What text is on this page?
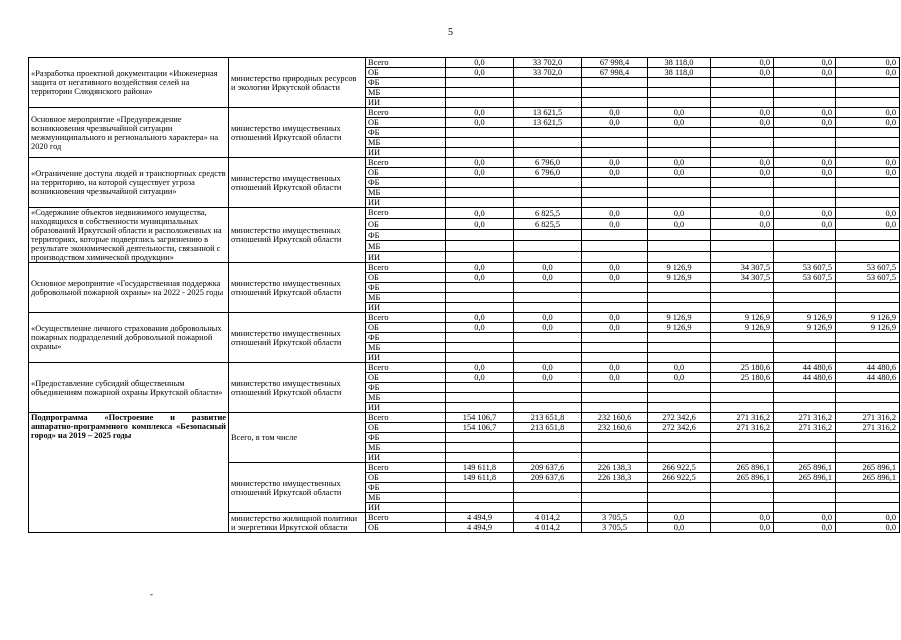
5
«Разработка проектной документации «Инженерная защита от негативного воздействия селей на территории Слюдянского района»	министерство природных ресурсов и экологии Иркутской области	Всего	0,0	33 702,0	67 998,4	38 118,0	0,0	0,0	0,0
		ОБ	0,0	33 702,0	67 998,4	38 118,0	0,0	0,0	0,0
		ФБ							
		МБ							
		ИИ							
Основное мероприятие «Предупреждение возникновения чрезвычайной ситуации межмуниципального и регионального характера» на 2020 год	министерство имущественных отношений Иркутской области	Всего	0,0	13 621,5	0,0	0,0	0,0	0,0	0,0
		ОБ	0,0	13 621,5	0,0	0,0	0,0	0,0	0,0
		ФБ							
		МБ							
		ИИ							
«Ограничение доступа людей и транспортных средств на территорию, на которой существует угроза возникновения чрезвычайной ситуации»	министерство имущественных отношений Иркутской области	Всего	0,0	6 796,0	0,0	0,0	0,0	0,0	0,0
		ОБ	0,0	6 796,0	0,0	0,0	0,0	0,0	0,0
		ФБ							
		МБ							
		ИИ							
«Содержание объектов недвижимого имущества, находящихся в собственности муниципальных образований Иркутской области и расположенных на территориях, которые подверглись загрязнению в результате экономической деятельности, связанной с производством химической продукции»	министерство имущественных отношений Иркутской области	Всего	0,0	6 825,5	0,0	0,0	0,0	0,0	0,0
		ОБ	0,0	6 825,5	0,0	0,0	0,0	0,0	0,0
		ФБ							
		МБ							
		ИИ							
Основное мероприятие «Государственная поддержка добровольной пожарной охраны» на 2022 - 2025 годы	министерство имущественных отношений Иркутской области	Всего	0,0	0,0	0,0	9 126,9	34 307,5	53 607,5	53 607,5
		ОБ	0,0	0,0	0,0	9 126,9	34 307,5	53 607,5	53 607,5
		ФБ							
		МБ							
		ИИ							
«Осуществление личного страхования добровольных пожарных подразделений добровольной пожарной охраны»	министерство имущественных отношений Иркутской области	Всего	0,0	0,0	0,0	9 126,9	9 126,9	9 126,9	9 126,9
		ОБ	0,0	0,0	0,0	9 126,9	9 126,9	9 126,9	9 126,9
		ФБ							
		МБ							
		ИИ							
«Предоставление субсидий общественным объединениям пожарной охраны Иркутской области»	министерство имущественных отношений Иркутской области	Всего	0,0	0,0	0,0	0,0	25 180,6	44 480,6	44 480,6
		ОБ	0,0	0,0	0,0	0,0	25 180,6	44 480,6	44 480,6
		ФБ							
		МБ							
		ИИ							
Подпрограмма «Построение и развитие аппаратно-программного комплекса «Безопасный город» на 2019 – 2025 годы	Всего, в том числе	Всего	154 106,7	213 651,8	232 160,6	272 342,6	271 316,2	271 316,2	271 316,2
		ОБ	154 106,7	213 651,8	232 160,6	272 342,6	271 316,2	271 316,2	271 316,2
		ФБ							
		МБ							
		ИИ							
	министерство имущественных отношений Иркутской области	Всего	149 611,8	209 637,6	226 138,3	266 922,5	265 896,1	265 896,1	265 896,1
		ОБ	149 611,8	209 637,6	226 138,3	266 922,5	265 896,1	265 896,1	265 896,1
		ФБ							
		МБ							
		ИИ							
	министерство жилищной политики и энергетики Иркутской области	Всего	4 494,9	4 014,2	3 705,5	0,0	0,0	0,0	0,0
		ОБ	4 494,9	4 014,2	3 705,5	0,0	0,0	0,0	0,0
-
